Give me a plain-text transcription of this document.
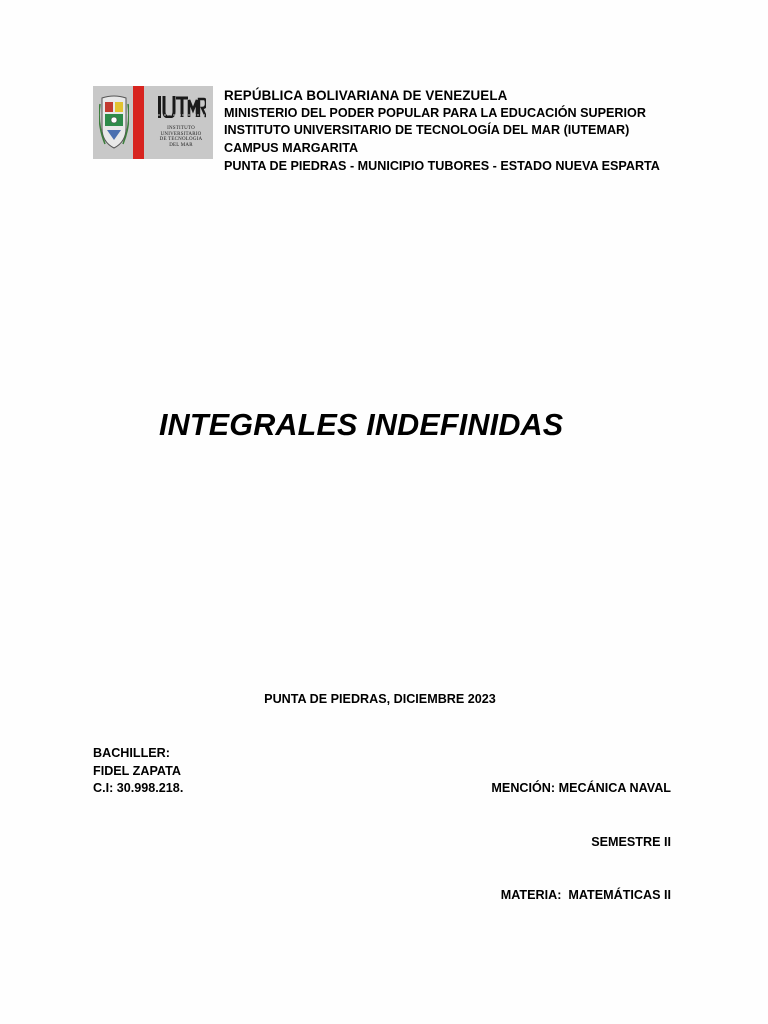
INSTITUTO
UNIVERSITARIO
DE TECNOLOGIA
DEL MAR
REPÚBLICA BOLIVARIANA DE VENEZUELA
MINISTERIO DEL PODER POPULAR PARA LA EDUCACIÓN SUPERIOR
INSTITUTO UNIVERSITARIO DE TECNOLOGÍA DEL MAR (IUTEMAR)
CAMPUS MARGARITA
PUNTA DE PIEDRAS - MUNICIPIO TUBORES - ESTADO NUEVA ESPARTA
INTEGRALES INDEFINIDAS
PUNTA DE PIEDRAS, DICIEMBRE 2023
BACHILLER:
FIDEL ZAPATA
C.I: 30.998.218.

	MENCIÓN: MECÁNICA NAVAL

SEMESTRE II

MATERIA:  MATEMÁTICAS II
